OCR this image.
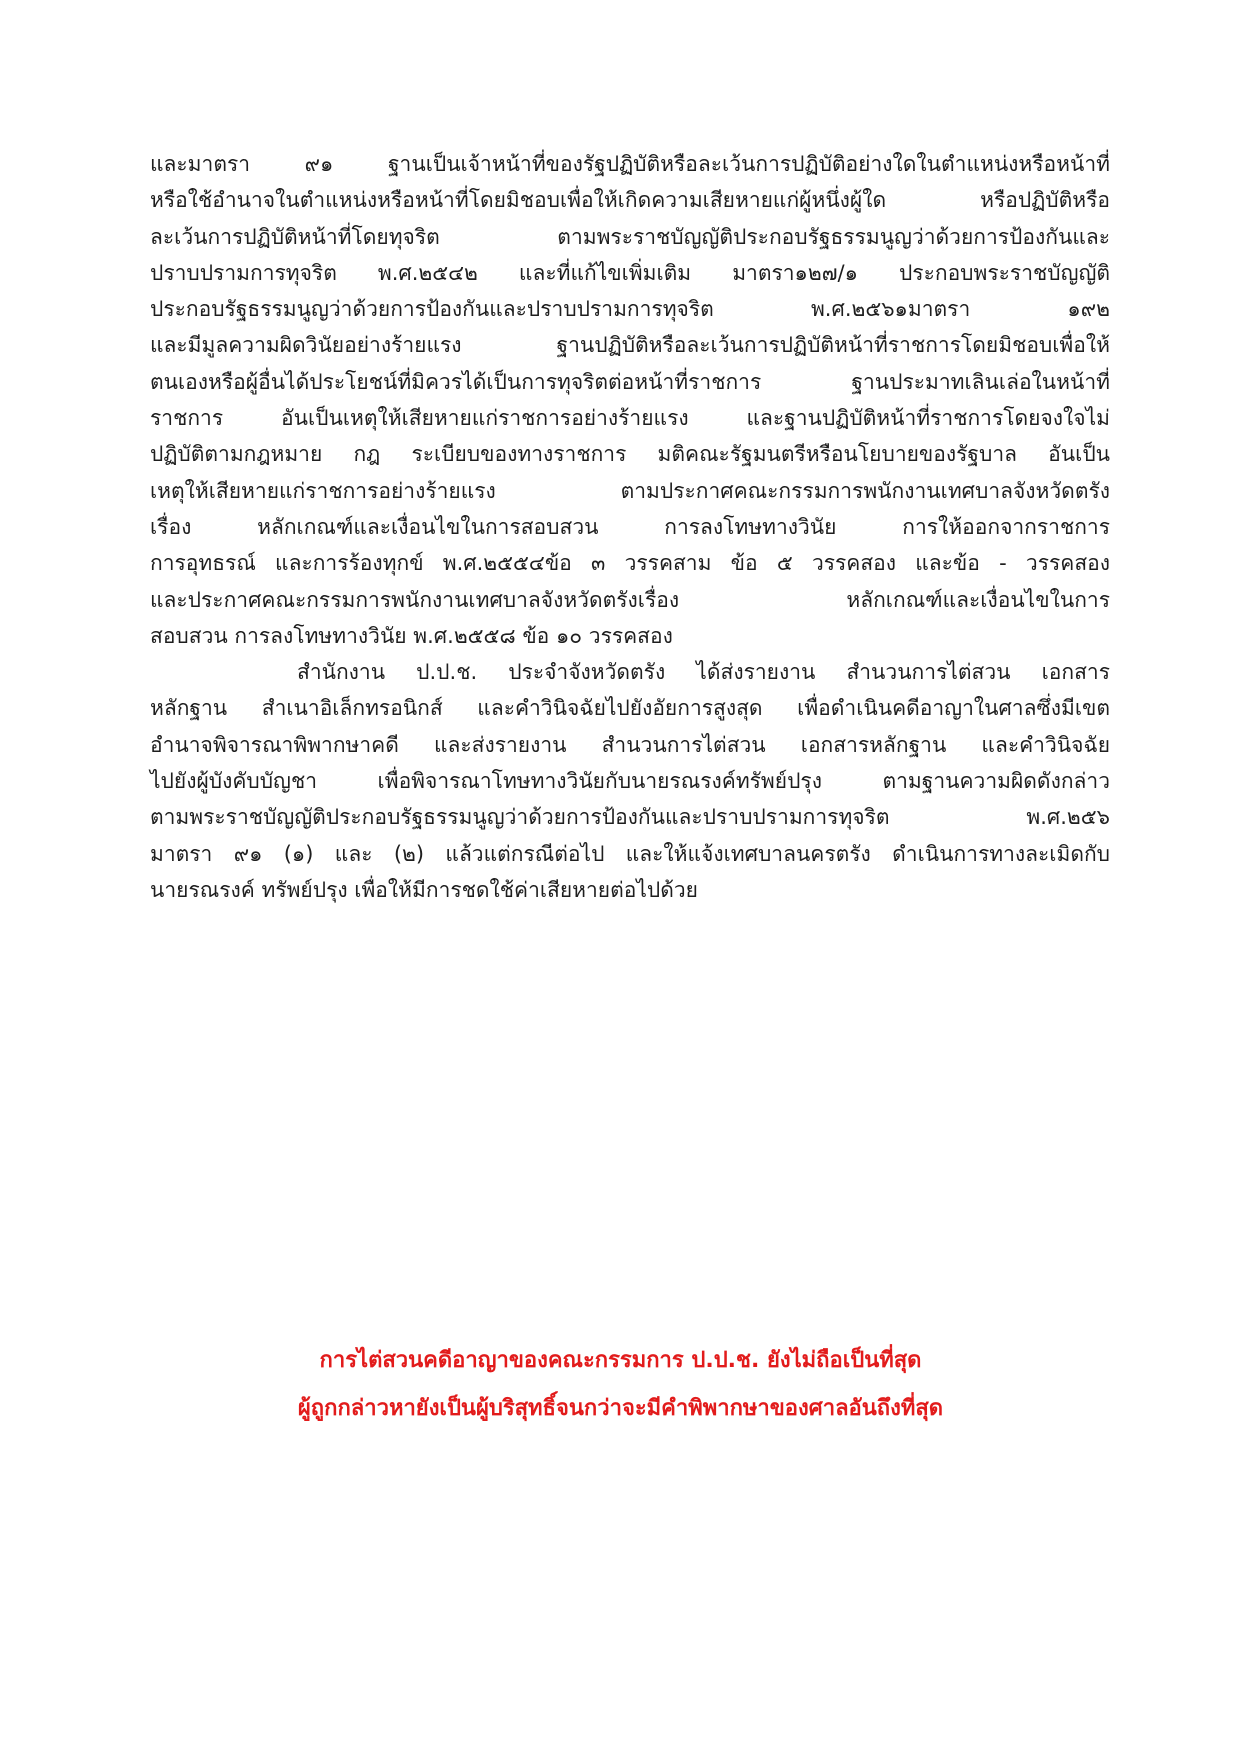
และมาตรา ๙๑ ฐานเป็นเจ้าหน้าที่ของรัฐปฏิบัติหรือละเว้นการปฏิบัติอย่างใดในตำแหน่งหรือหน้าที่
หรือใช้อำนาจในตำแหน่งหรือหน้าที่โดยมิชอบเพื่อให้เกิดความเสียหายแก่ผู้หนึ่งผู้ใด หรือปฏิบัติหรือ
ละเว้นการปฏิบัติหน้าที่โดยทุจริต ตามพระราชบัญญัติประกอบรัฐธรรมนูญว่าด้วยการป้องกันและ
ปราบปรามการทุจริต พ.ศ.๒๕๔๒ และที่แก้ไขเพิ่มเติม มาตรา๑๒๗/๑ ประกอบพระราชบัญญัติ
ประกอบรัฐธรรมนูญว่าด้วยการป้องกันและปราบปรามการทุจริต พ.ศ.๒๕๖๑มาตรา ๑๙๒
และมีมูลความผิดวินัยอย่างร้ายแรง ฐานปฏิบัติหรือละเว้นการปฏิบัติหน้าที่ราชการโดยมิชอบเพื่อให้
ตนเองหรือผู้อื่นได้ประโยชน์ที่มิควรได้เป็นการทุจริตต่อหน้าที่ราชการ ฐานประมาทเลินเล่อในหน้าที่
ราชการ อันเป็นเหตุให้เสียหายแก่ราชการอย่างร้ายแรง และฐานปฏิบัติหน้าที่ราชการโดยจงใจไม่
ปฏิบัติตามกฎหมาย กฎ ระเบียบของทางราชการ มติคณะรัฐมนตรีหรือนโยบายของรัฐบาล อันเป็น
เหตุให้เสียหายแก่ราชการอย่างร้ายแรง ตามประกาศคณะกรรมการพนักงานเทศบาลจังหวัดตรัง
เรื่อง หลักเกณฑ์และเงื่อนไขในการสอบสวน การลงโทษทางวินัย การให้ออกจากราชการ
การอุทธรณ์ และการร้องทุกข์ พ.ศ.๒๕๕๔ข้อ ๓ วรรคสาม ข้อ ๕ วรรคสอง และข้อ - วรรคสอง
และประกาศคณะกรรมการพนักงานเทศบาลจังหวัดตรังเรื่อง หลักเกณฑ์และเงื่อนไขในการ
สอบสวน การลงโทษทางวินัย พ.ศ.๒๕๕๘ ข้อ ๑๐ วรรคสอง
สำนักงาน ป.ป.ช. ประจำจังหวัดตรัง ได้ส่งรายงาน สำนวนการไต่สวน เอกสาร
หลักฐาน สำเนาอิเล็กทรอนิกส์ และคำวินิจฉัยไปยังอัยการสูงสุด เพื่อดำเนินคดีอาญาในศาลซึ่งมีเขต
อำนาจพิจารณาพิพากษาคดี และส่งรายงาน สำนวนการไต่สวน เอกสารหลักฐาน และคำวินิจฉัย
ไปยังผู้บังคับบัญชา เพื่อพิจารณาโทษทางวินัยกับนายรณรงค์ทรัพย์ปรุง ตามฐานความผิดดังกล่าว
ตามพระราชบัญญัติประกอบรัฐธรรมนูญว่าด้วยการป้องกันและปราบปรามการทุจริต พ.ศ.๒๕๖
มาตรา ๙๑ (๑) และ (๒) แล้วแต่กรณีต่อไป และให้แจ้งเทศบาลนครตรัง ดำเนินการทางละเมิดกับ
นายรณรงค์ ทรัพย์ปรุง เพื่อให้มีการชดใช้ค่าเสียหายต่อไปด้วย
การไต่สวนคดีอาญาของคณะกรรมการ ป.ป.ช. ยังไม่ถือเป็นที่สุด
ผู้ถูกกล่าวหายังเป็นผู้บริสุทธิ์จนกว่าจะมีคำพิพากษาของศาลอันถึงที่สุด
